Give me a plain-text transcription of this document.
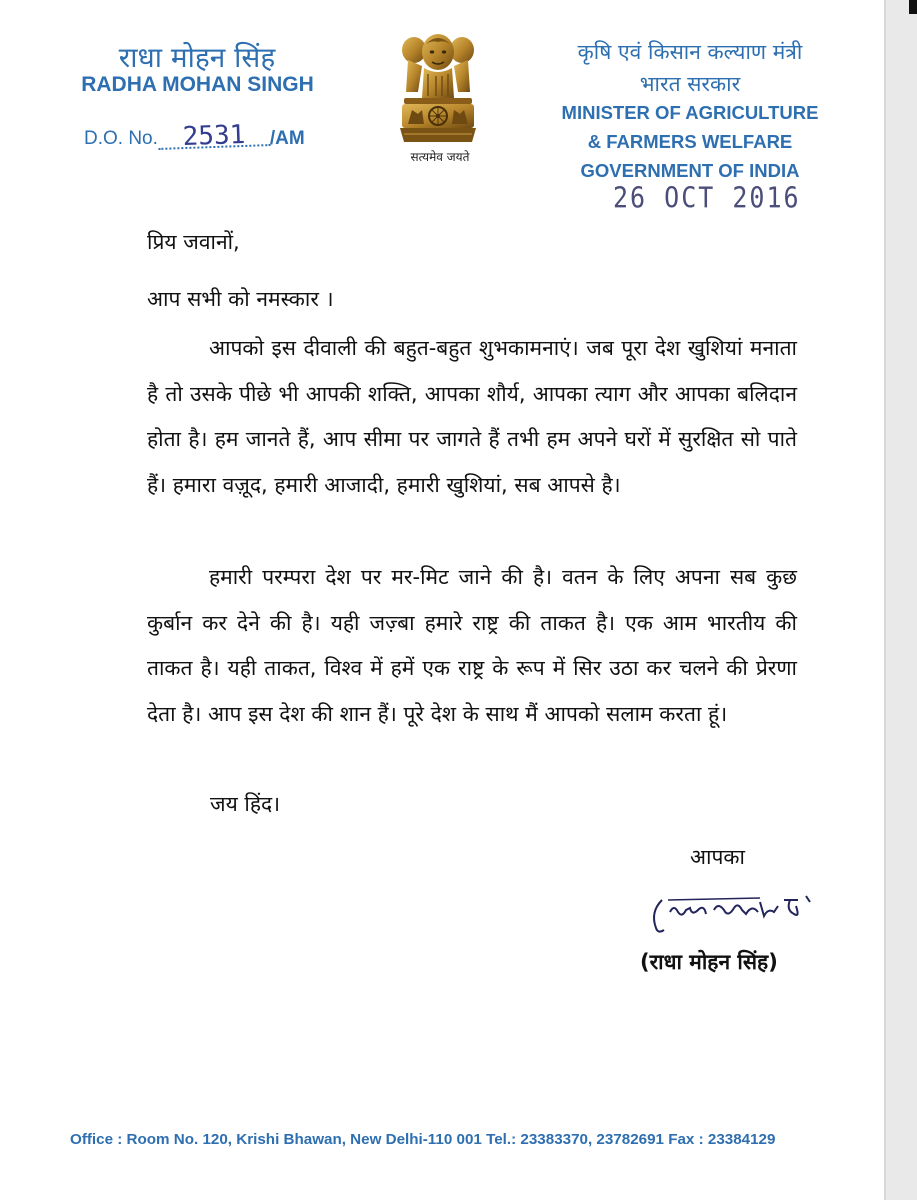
राधा मोहन सिंह
RADHA MOHAN SINGH
D.O. No. 2531 /AM
सत्यमेव जयते
कृषि एवं किसान कल्याण मंत्री
भारत सरकार
MINISTER OF AGRICULTURE
& FARMERS WELFARE
GOVERNMENT OF INDIA
26 OCT 2016
प्रिय जवानों,
आप सभी को नमस्कार ।
आपको इस दीवाली की बहुत-बहुत शुभकामनाएं। जब पूरा देश खुशियां मनाता है तो उसके पीछे भी आपकी शक्ति, आपका शौर्य, आपका त्याग और आपका बलिदान होता है। हम जानते हैं, आप सीमा पर जागते हैं तभी हम अपने घरों में सुरक्षित सो पाते हैं। हमारा वज़ूद, हमारी आजादी, हमारी खुशियां, सब आपसे है।
हमारी परम्परा देश पर मर-मिट जाने की है। वतन के लिए अपना सब कुछ कुर्बान कर देने की है। यही जज़्बा हमारे राष्ट्र की ताकत है। एक आम भारतीय की ताकत है। यही ताकत, विश्व में हमें एक राष्ट्र के रूप में सिर उठा कर चलने की प्रेरणा देता है। आप इस देश की शान हैं। पूरे देश के साथ मैं आपको सलाम करता हूं।
जय हिंद।
आपका
(राधा मोहन सिंह)
Office : Room No. 120, Krishi Bhawan, New Delhi-110 001 Tel.: 23383370, 23782691 Fax : 23384129
